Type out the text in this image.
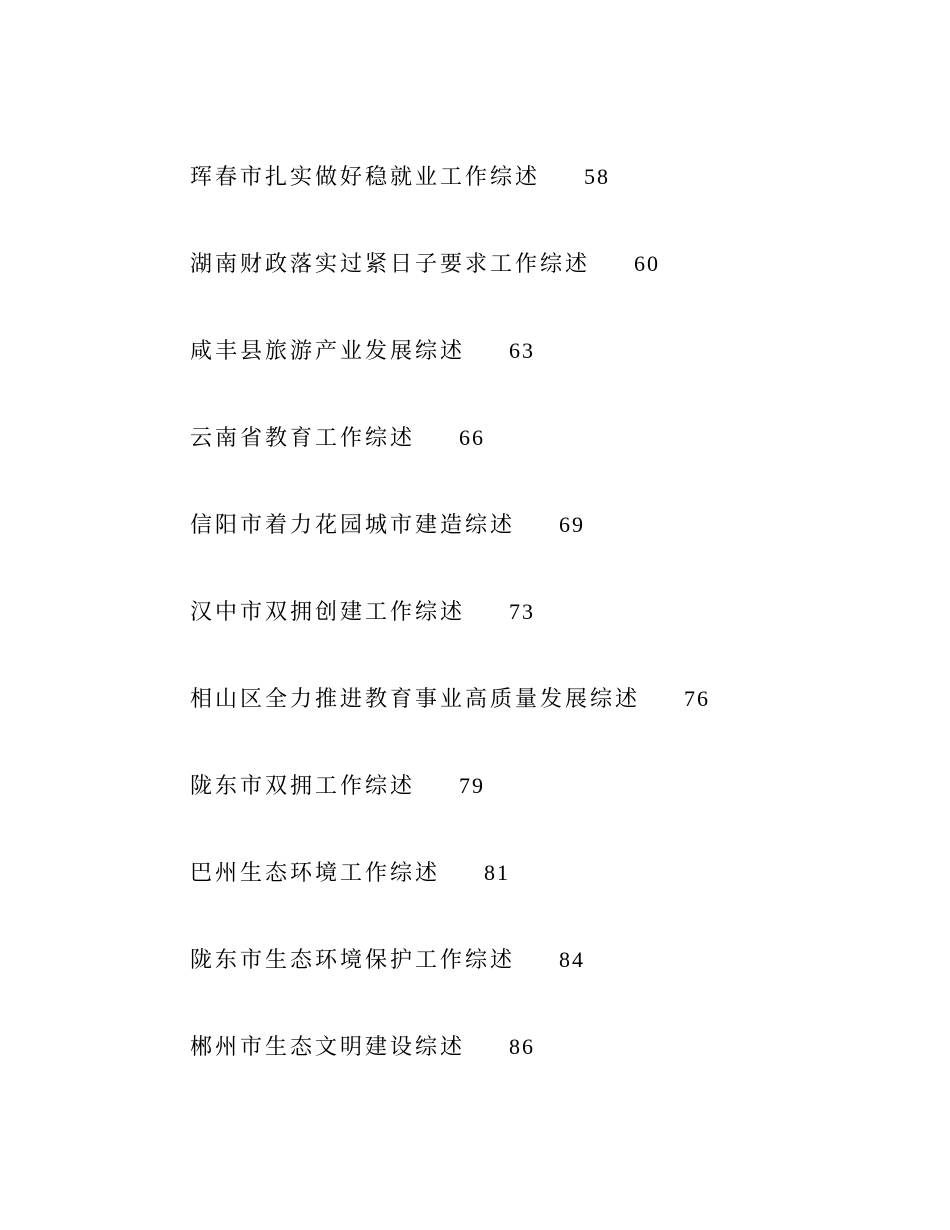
珲春市扎实做好稳就业工作综述 58
湖南财政落实过紧日子要求工作综述 60
咸丰县旅游产业发展综述 63
云南省教育工作综述 66
信阳市着力花园城市建造综述 69
汉中市双拥创建工作综述 73
相山区全力推进教育事业高质量发展综述 76
陇东市双拥工作综述 79
巴州生态环境工作综述 81
陇东市生态环境保护工作综述 84
郴州市生态文明建设综述 86
